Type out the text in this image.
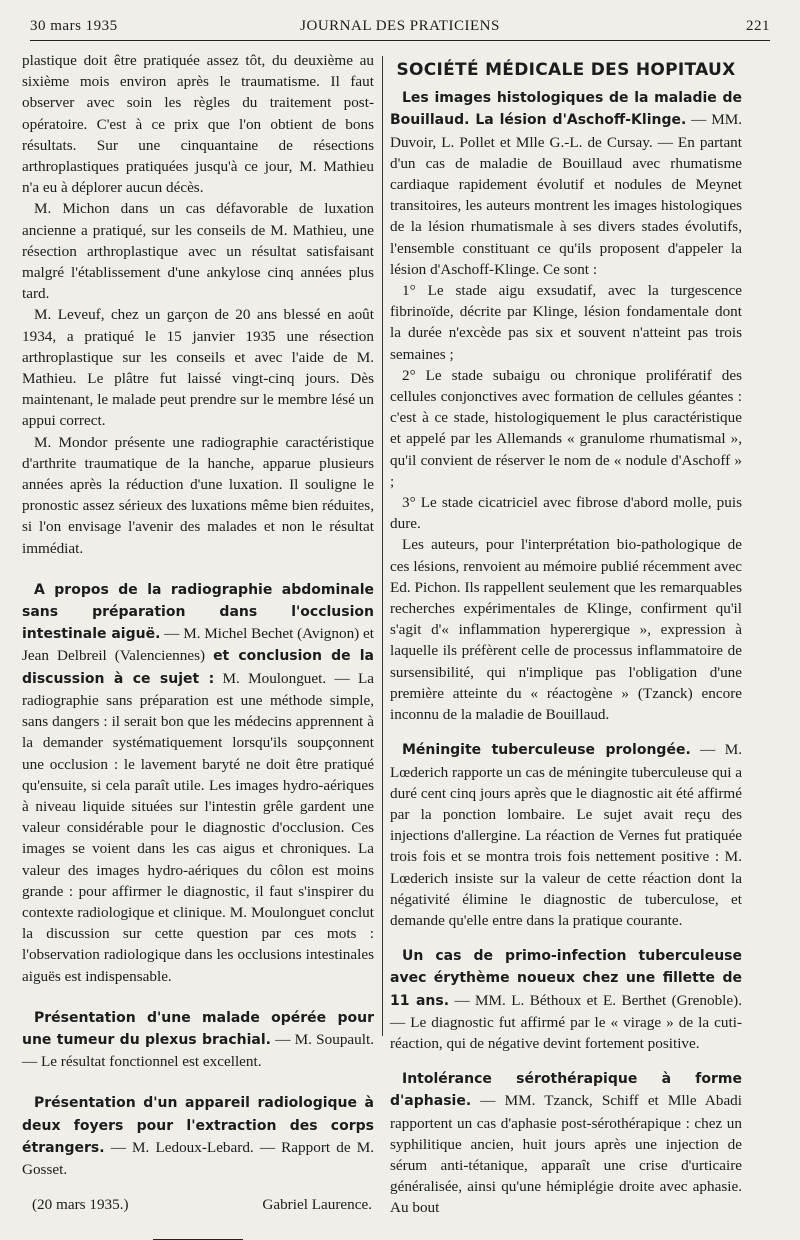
30 mars 1935	JOURNAL DES PRATICIENS	221

plastique doit être pratiquée assez tôt, du deuxième au sixième mois environ après le traumatisme. Il faut observer avec soin les règles du traitement post-opératoire. C'est à ce prix que l'on obtient de bons résultats. Sur une cinquantaine de résections arthroplastiques pratiquées jusqu'à ce jour, M. Mathieu n'a eu à déplorer aucun décès.

M. Michon dans un cas défavorable de luxation ancienne a pratiqué, sur les conseils de M. Mathieu, une résection arthroplastique avec un résultat satisfaisant malgré l'établissement d'une ankylose cinq années plus tard.

M. Leveuf, chez un garçon de 20 ans blessé en août 1934, a pratiqué le 15 janvier 1935 une résection arthroplastique sur les conseils et avec l'aide de M. Mathieu. Le plâtre fut laissé vingt-cinq jours. Dès maintenant, le malade peut prendre sur le membre lésé un appui correct.

M. Mondor présente une radiographie caractéristique d'arthrite traumatique de la hanche, apparue plusieurs années après la réduction d'une luxation. Il souligne le pronostic assez sérieux des luxations même bien réduites, si l'on envisage l'avenir des malades et non le résultat immédiat.

A propos de la radiographie abdominale sans préparation dans l'occlusion intestinale aiguë. — M. Michel Bechet (Avignon) et Jean Delbreil (Valenciennes) et conclusion de la discussion à ce sujet : M. Moulonguet. — La radiographie sans préparation est une méthode simple, sans dangers : il serait bon que les médecins apprennent à la demander systématiquement lorsqu'ils soupçonnent une occlusion : le lavement baryté ne doit être pratiqué qu'ensuite, si cela paraît utile. Les images hydro-aériques à niveau liquide situées sur l'intestin grêle gardent une valeur considérable pour le diagnostic d'occlusion. Ces images se voient dans les cas aigus et chroniques. La valeur des images hydro-aériques du côlon est moins grande : pour affirmer le diagnostic, il faut s'inspirer du contexte radiologique et clinique. M. Moulonguet conclut la discussion sur cette question par ces mots : l'observation radiologique dans les occlusions intestinales aiguës est indispensable.

Présentation d'une malade opérée pour une tumeur du plexus brachial. — M. Soupault. — Le résultat fonctionnel est excellent.

Présentation d'un appareil radiologique à deux foyers pour l'extraction des corps étrangers. — M. Ledoux-Lebard. — Rapport de M. Gosset.

(20 mars 1935.)	Gabriel Laurence.
SOCIÉTÉ MÉDICALE DES HOPITAUX

Les images histologiques de la maladie de Bouillaud. La lésion d'Aschoff-Klinge. — MM. Duvoir, L. Pollet et Mlle G.-L. de Cursay. — En partant d'un cas de maladie de Bouillaud avec rhumatisme cardiaque rapidement évolutif et nodules de Meynet transitoires, les auteurs montrent les images histologiques de la lésion rhumatismale à ses divers stades évolutifs, l'ensemble constituant ce qu'ils proposent d'appeler la lésion d'Aschoff-Klinge. Ce sont :

1° Le stade aigu exsudatif, avec la turgescence fibrinoïde, décrite par Klinge, lésion fondamentale dont la durée n'excède pas six et souvent n'atteint pas trois semaines ;

2° Le stade subaigu ou chronique prolifératif des cellules conjonctives avec formation de cellules géantes : c'est à ce stade, histologiquement le plus caractéristique et appelé par les Allemands « granulome rhumatismal », qu'il convient de réserver le nom de « nodule d'Aschoff » ;

3° Le stade cicatriciel avec fibrose d'abord molle, puis dure.

Les auteurs, pour l'interprétation bio-pathologique de ces lésions, renvoient au mémoire publié récemment avec Ed. Pichon. Ils rappellent seulement que les remarquables recherches expérimentales de Klinge, confirment qu'il s'agit d'« inflammation hyperergique », expression à laquelle ils préfèrent celle de processus inflammatoire de sursensibilité, qui n'implique pas l'obligation d'une première atteinte du « réactogène » (Tzanck) encore inconnu de la maladie de Bouillaud.

Méningite tuberculeuse prolongée. — M. Lœderich rapporte un cas de méningite tuberculeuse qui a duré cent cinq jours après que le diagnostic ait été affirmé par la ponction lombaire. Le sujet avait reçu des injections d'allergine. La réaction de Vernes fut pratiquée trois fois et se montra trois fois nettement positive : M. Lœderich insiste sur la valeur de cette réaction dont la négativité élimine le diagnostic de tuberculose, et demande qu'elle entre dans la pratique courante.

Un cas de primo-infection tuberculeuse avec érythème noueux chez une fillette de 11 ans. — MM. L. Béthoux et E. Berthet (Grenoble). — Le diagnostic fut affirmé par le « virage » de la cuti-réaction, qui de négative devint fortement positive.

Intolérance sérothérapique à forme d'aphasie. — MM. Tzanck, Schiff et Mlle Abadi rapportent un cas d'aphasie post-sérothérapique : chez un syphilitique ancien, huit jours après une injection de sérum anti-tétanique, apparaît une crise d'urticaire généralisée, ainsi qu'une hémiplégie droite avec aphasie. Au bout
